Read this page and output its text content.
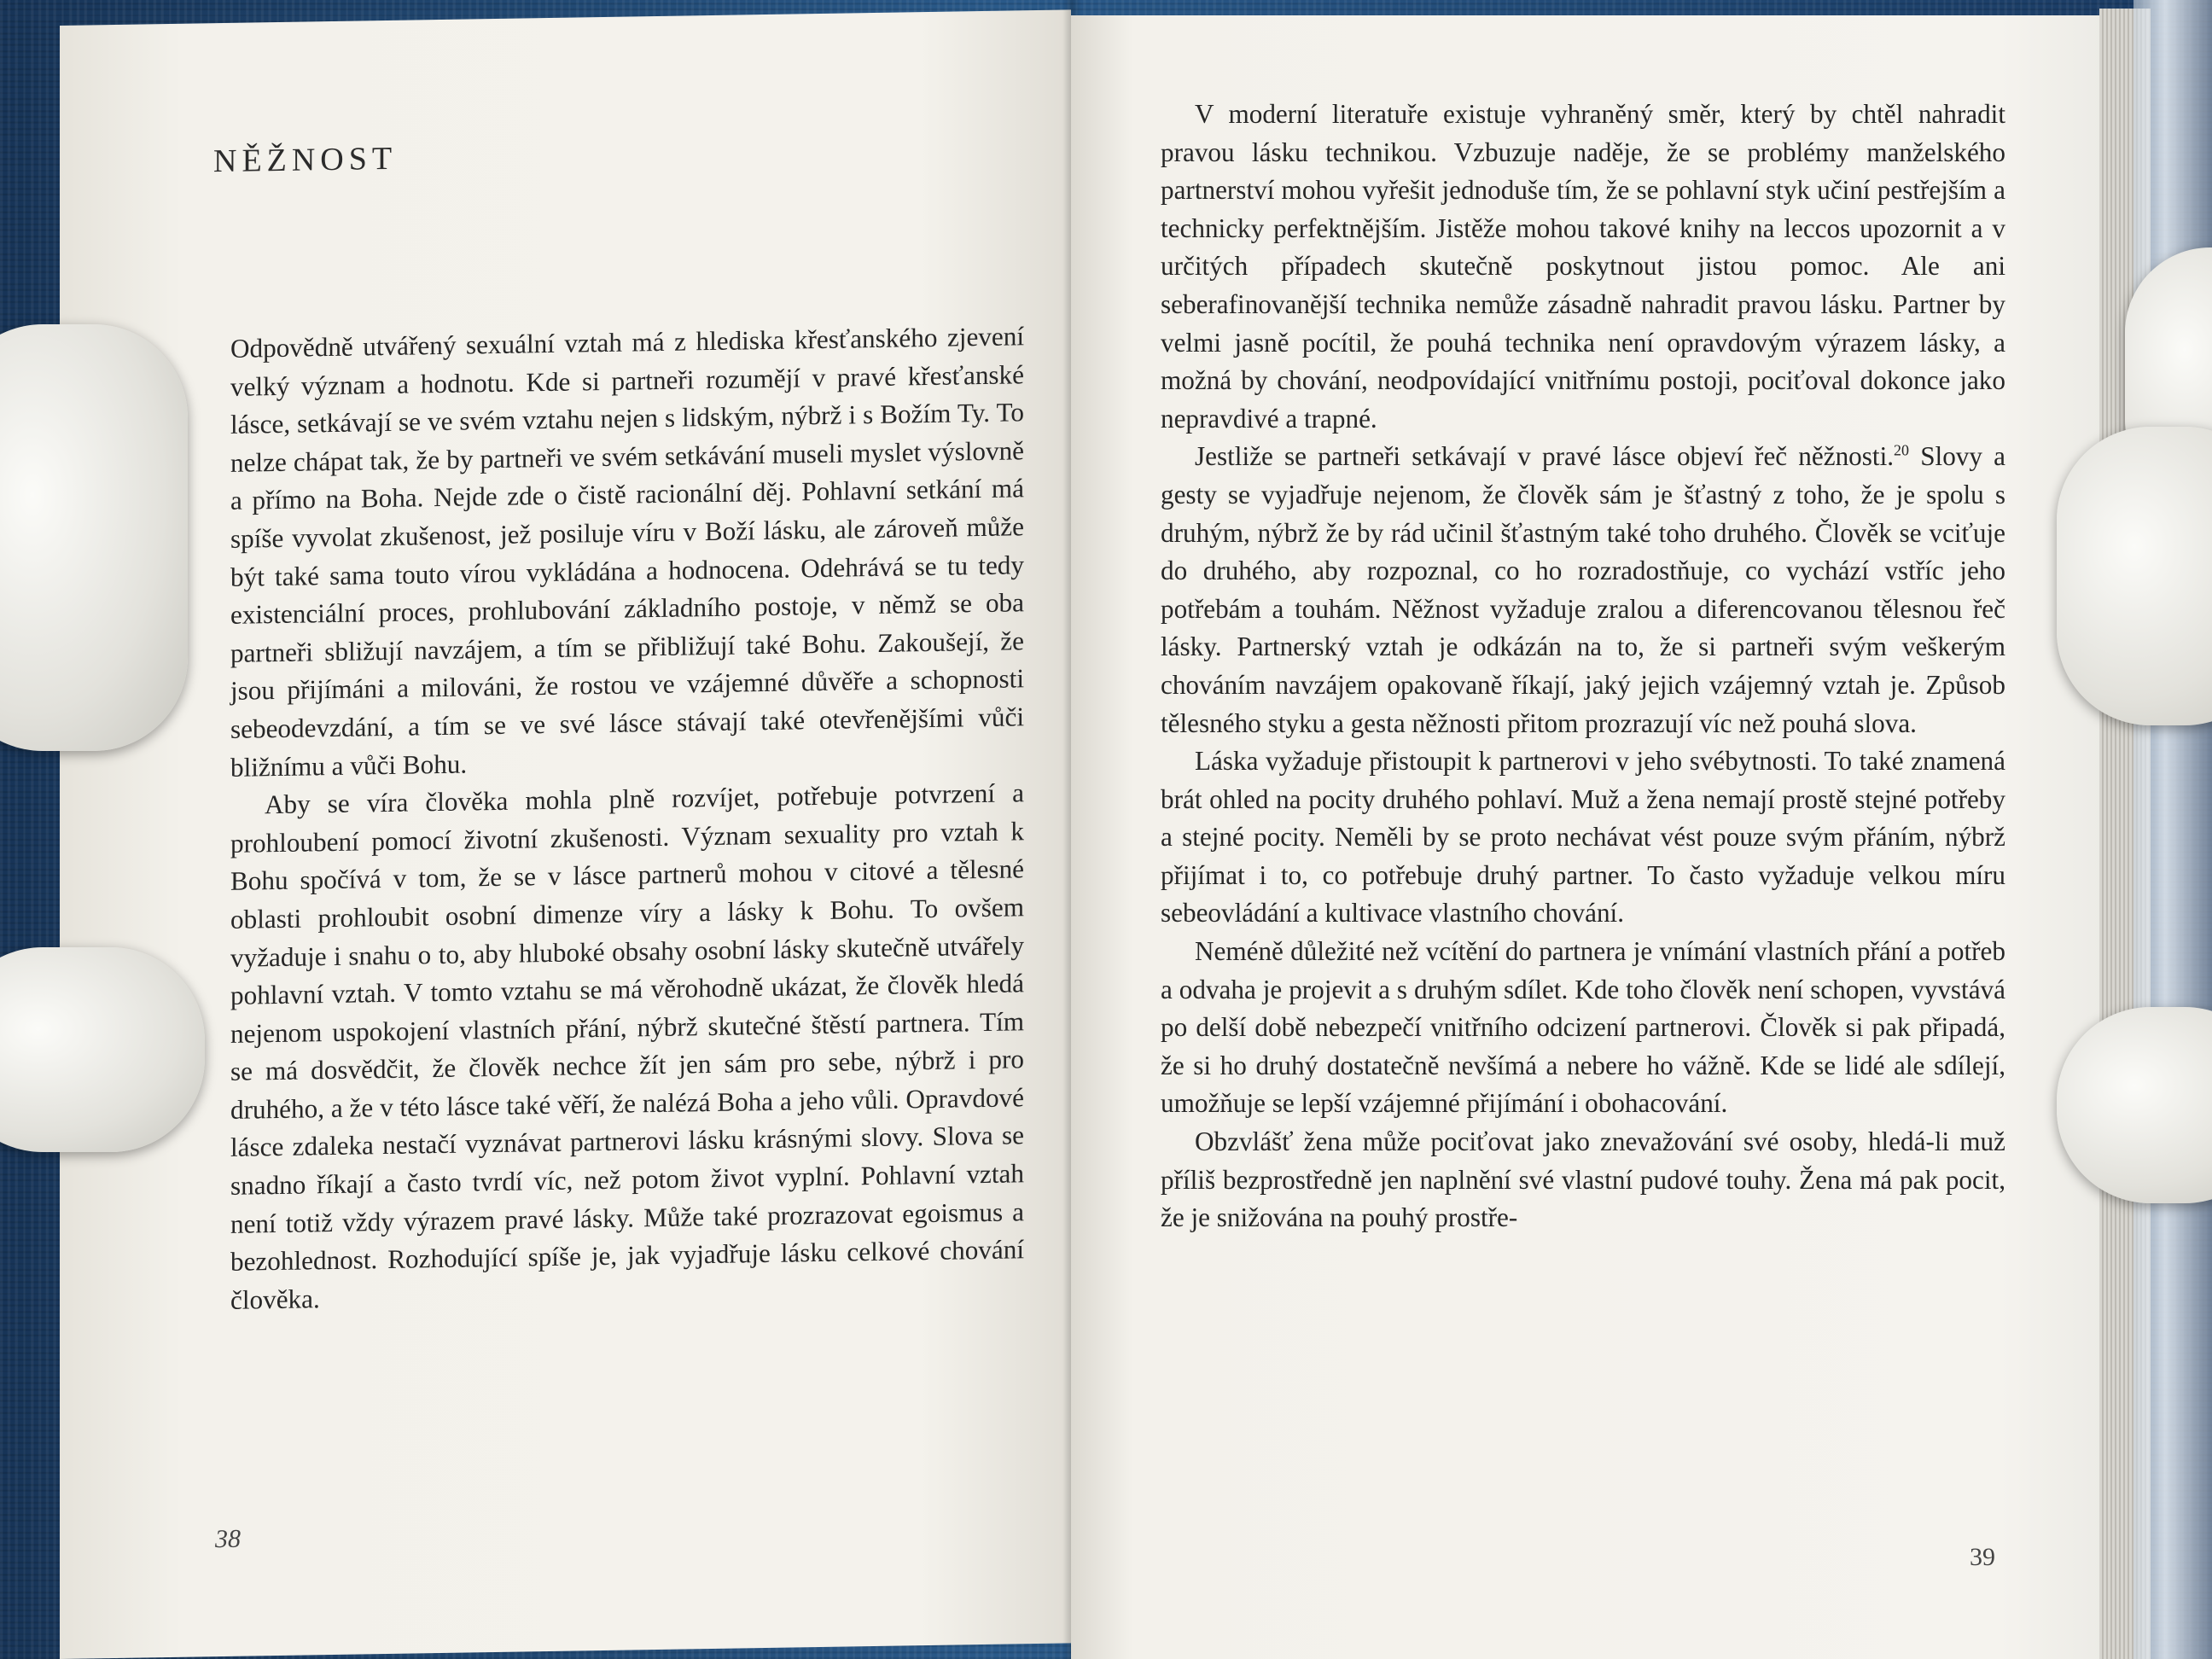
NĚŽNOST

Odpovědně utvářený sexuální vztah má z hlediska křesťanského zjevení velký význam a hodnotu. Kde si partneři rozumějí v pravé křesťanské lásce, setkávají se ve svém vztahu nejen s lidským, nýbrž i s Božím Ty. To nelze chápat tak, že by partneři ve svém setkávání museli myslet výslovně a přímo na Boha. Nejde zde o čistě racionální děj. Pohlavní setkání má spíše vyvolat zkušenost, jež posiluje víru v Boží lásku, ale zároveň může být také sama touto vírou vykládána a hodnocena. Odehrává se tu tedy existenciální proces, prohlubování základního postoje, v němž se oba partneři sbližují navzájem, a tím se přibližují také Bohu. Zakoušejí, že jsou přijímáni a milováni, že rostou ve vzájemné důvěře a schopnosti sebeodevzdání, a tím se ve své lásce stávají také otevřenějšími vůči bližnímu a vůči Bohu.

Aby se víra člověka mohla plně rozvíjet, potřebuje potvrzení a prohloubení pomocí životní zkušenosti. Význam sexuality pro vztah k Bohu spočívá v tom, že se v lásce partnerů mohou v citové a tělesné oblasti prohloubit osobní dimenze víry a lásky k Bohu. To ovšem vyžaduje i snahu o to, aby hluboké obsahy osobní lásky skutečně utvářely pohlavní vztah. V tomto vztahu se má věrohodně ukázat, že člověk hledá nejenom uspokojení vlastních přání, nýbrž skutečné štěstí partnera. Tím se má dosvědčit, že člověk nechce žít jen sám pro sebe, nýbrž i pro druhého, a že v této lásce také věří, že nalézá Boha a jeho vůli. Opravdové lásce zdaleka nestačí vyznávat partnerovi lásku krásnými slovy. Slova se snadno říkají a často tvrdí víc, než potom život vyplní. Pohlavní vztah není totiž vždy výrazem pravé lásky. Může také prozrazovat egoismus a bezohlednost. Rozhodující spíše je, jak vyjadřuje lásku celkové chování člověka.

38

V moderní literatuře existuje vyhraněný směr, který by chtěl nahradit pravou lásku technikou. Vzbuzuje naděje, že se problémy manželského partnerství mohou vyřešit jednoduše tím, že se pohlavní styk učiní pestřejším a technicky perfektnějším. Jistěže mohou takové knihy na leccos upozornit a v určitých případech skutečně poskytnout jistou pomoc. Ale ani seberafinovanější technika nemůže zásadně nahradit pravou lásku. Partner by velmi jasně pocítil, že pouhá technika není opravdovým výrazem lásky, a možná by chování, neodpovídající vnitřnímu postoji, pociťoval dokonce jako nepravdivé a trapné.

Jestliže se partneři setkávají v pravé lásce objeví řeč něžnosti.$^{20}$ Slovy a gesty se vyjadřuje nejenom, že člověk sám je šťastný z toho, že je spolu s druhým, nýbrž že by rád učinil šťastným také toho druhého. Člověk se vciťuje do druhého, aby rozpoznal, co ho rozradostňuje, co vychází vstříc jeho potřebám a touhám. Něžnost vyžaduje zralou a diferencovanou tělesnou řeč lásky. Partnerský vztah je odkázán na to, že si partneři svým veškerým chováním navzájem opakovaně říkají, jaký jejich vzájemný vztah je. Způsob tělesného styku a gesta něžnosti přitom prozrazují víc než pouhá slova.

Láska vyžaduje přistoupit k partnerovi v jeho svébytnosti. To také znamená brát ohled na pocity druhého pohlaví. Muž a žena nemají prostě stejné potřeby a stejné pocity. Neměli by se proto nechávat vést pouze svým přáním, nýbrž přijímat i to, co potřebuje druhý partner. To často vyžaduje velkou míru sebeovládání a kultivace vlastního chování.

Neméně důležité než vcítění do partnera je vnímání vlastních přání a potřeb a odvaha je projevit a s druhým sdílet. Kde toho člověk není schopen, vyvstává po delší době nebezpečí vnitřního odcizení partnerovi. Člověk si pak připadá, že si ho druhý dostatečně nevšímá a nebere ho vážně. Kde se lidé ale sdílejí, umožňuje se lepší vzájemné přijímání i obohacování.

Obzvlášť žena může pociťovat jako znevažování své osoby, hledá-li muž příliš bezprostředně jen naplnění své vlastní pudové touhy. Žena má pak pocit, že je snižována na pouhý prostře-

39
